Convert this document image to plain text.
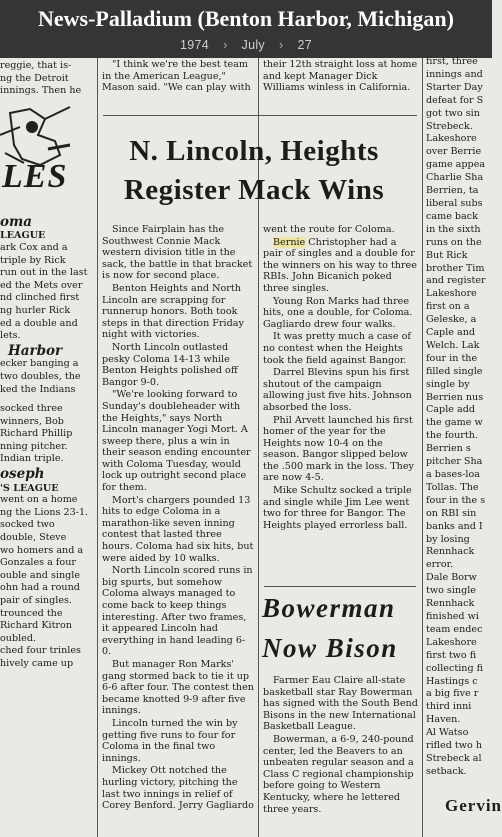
News-Palladium (Benton Harbor, Michigan)
1974 › July › 27

reggie, that is-

ng the Detroit

innings. Then he

LES
oma
LEAGUE

ark Cox and a

triple by Rick

run out in the last

ed the Mets over

nd clinched first

ng hurler Rick

ed a double and

lets.

Harbor

ecker banging a

two doubles, the

ked the Indians

socked three

winners, Bob

Richard Phillip

nning pitcher.

Indian triple.

oseph
'S LEAGUE

went on a home

ng the Lions 23-1.

socked two

double, Steve

wo homers and a

Gonzales a four

ouble and single

ohn had a round

pair of singles.

trounced the

Richard Kitron

oubled.

ched four trinles

hively came up

"I think we're the best team in the American League," Mason said. "We can play with

N. Lincoln, Heights
Register Mack Wins

Since Fairplain has the Southwest Connie Mack western division title in the sack, the battle in that bracket is now for second place.

Benton Heights and North Lincoln are scrapping for runnerup honors. Both took steps in that direction Friday night with victories.

North Lincoln outlasted pesky Coloma 14-13 while Benton Heights polished off Bangor 9-0.

"We're looking forward to Sunday's doubleheader with the Heights," says North Lincoln manager Yogi Mort. A sweep there, plus a win in their season ending encounter with Coloma Tuesday, would lock up outright second place for them.

Mort's chargers pounded 13 hits to edge Coloma in a marathon-like seven inning contest that lasted three hours. Coloma had six hits, but were aided by 10 walks.

North Lincoln scored runs in big spurts, but somehow Coloma always managed to come back to keep things interesting. After two frames, it appeared Lincoln had everything in hand leading 6-0.

But manager Ron Marks' gang stormed back to tie it up 6-6 after four. The contest then became knotted 9-9 after five innings.

Lincoln turned the win by getting five runs to four for Coloma in the final two innings.

Mickey Ott notched the hurling victory, pitching the last two innings in relief of Corey Benford. Jerry Gagliardo

their 12th straight loss at home and kept Manager Dick Williams winless in California.

went the route for Coloma.

Bernie Christopher had a pair of singles and a double for the winners on his way to three RBIs. John Bicanich poked three singles.

Young Ron Marks had three hits, one a double, for Coloma. Gagliardo drew four walks.

It was pretty much a case of no contest when the Heights took the field against Bangor.

Darrel Blevins spun his first shutout of the campaign allowing just five hits. Johnson absorbed the loss.

Phil Arvett launched his first homer of the year for the Heights now 10-4 on the season. Bangor slipped below the .500 mark in the loss. They are now 4-5.

Mike Schultz socked a triple and single while Jim Lee went two for three for Bangor. The Heights played errorless ball.

Bowerman
Now Bison

Farmer Eau Claire all-state basketball star Ray Bowerman has signed with the South Bend Bisons in the new International Basketball League.

Bowerman, a 6-9, 240-pound center, led the Beavers to an unbeaten regular season and a Class C regional championship before going to Western Kentucky, where he lettered three years.

first, three
innings and
Starter Day
defeat for S
got two sin
Strebeck.
Lakeshore
over Berrie
game appea
Charlie Sha
Berrien, ta
liberal subs
came back
in the sixth
runs on the
But Rick
brother Tim
and register
Lakeshore
first on a
Geleske, a
Caple and
Welch. Lak
four in the
filled single
single by
Berrien nus
Caple add
the game w
the fourth.
Berrien s
pitcher Sha
a bases-loa
Tollas. The
four in the s
on RBI sin
banks and I
by losing
Rennhack
error.
Dale Borw
two single
Rennhack
finished wi
team endec
Lakeshore
first two fi
collecting fi
Hastings c
a big five r
third inni
Haven.
Al Watso
rifled two h
Strebeck al
setback.
Gervin
